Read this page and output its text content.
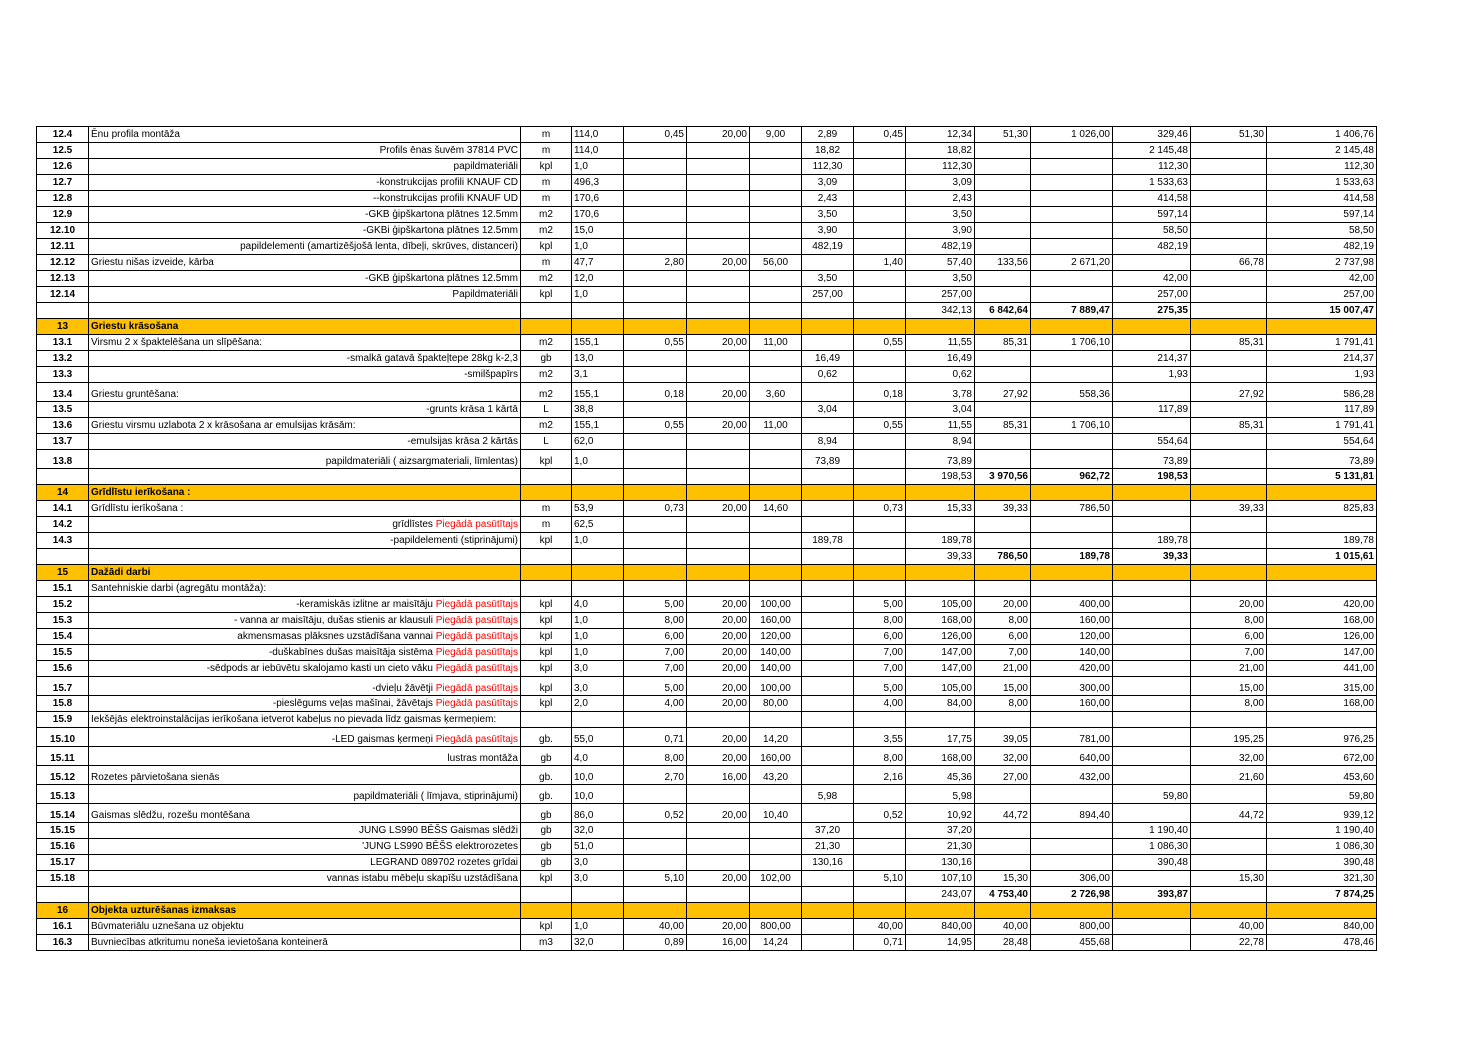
12.4	Ēnu profila montāža	m	114,0	0,45	20,00	9,00	2,89	0,45	12,34	51,30	1 026,00	329,46	51,30	1 406,76
12.5	Profils ēnas šuvēm 37814 PVC	m	114,0				18,82		18,82			2 145,48		2 145,48
12.6	papildmateriāli	kpl	1,0				112,30		112,30			112,30		112,30
12.7	-konstrukcijas profili KNAUF CD	m	496,3				3,09		3,09			1 533,63		1 533,63
12.8	--konstrukcijas profili KNAUF UD	m	170,6				2,43		2,43			414,58		414,58
12.9	-GKB ģipškartona plātnes 12.5mm	m2	170,6				3,50		3,50			597,14		597,14
12.10	-GKBi ģipškartona plātnes 12.5mm	m2	15,0				3,90		3,90			58,50		58,50
12.11	papildelementi (amartizēšjošā lenta, dībeļi, skrūves, distanceri)	kpl	1,0				482,19		482,19			482,19		482,19
12.12	Griestu nišas izveide, kārba	m	47,7	2,80	20,00	56,00		1,40	57,40	133,56	2 671,20		66,78	2 737,98
12.13	-GKB ģipškartona plātnes 12.5mm	m2	12,0				3,50		3,50			42,00		42,00
12.14	Papildmateriāli	kpl	1,0				257,00		257,00			257,00		257,00
									342,13	6 842,64	7 889,47	275,35		15 007,47
13	Griestu krāsošana													
13.1	Virsmu 2 x špaktelēšana un slīpēšana:	m2	155,1	0,55	20,00	11,00		0,55	11,55	85,31	1 706,10		85,31	1 791,41
13.2	-smalkā gatavā špakteļtepe 28kg k-2,3	gb	13,0				16,49		16,49			214,37		214,37
13.3	-smilšpapīrs	m2	3,1				0,62		0,62			1,93		1,93
13.4	Griestu gruntēšana:	m2	155,1	0,18	20,00	3,60		0,18	3,78	27,92	558,36		27,92	586,28
13.5	-grunts krāsa 1 kārtā	L	38,8				3,04		3,04			117,89		117,89
13.6	Griestu virsmu uzlabota 2 x krāsošana ar emulsijas krāsām:	m2	155,1	0,55	20,00	11,00		0,55	11,55	85,31	1 706,10		85,31	1 791,41
13.7	-emulsijas krāsa 2 kārtās	L	62,0				8,94		8,94			554,64		554,64
13.8	papildmateriāli ( aizsargmateriali, līmlentas)	kpl	1,0				73,89		73,89			73,89		73,89
									198,53	3 970,56	962,72	198,53		5 131,81
14	Grīdlīstu ierīkošana :													
14.1	Grīdlīstu ierīkošana :	m	53,9	0,73	20,00	14,60		0,73	15,33	39,33	786,50		39,33	825,83
14.2	grīdlīstes Piegādā pasūtītajs	m	62,5											
14.3	-papildelementi (stiprinājumi)	kpl	1,0				189,78		189,78			189,78		189,78
									39,33	786,50	189,78	39,33		1 015,61
15	Dažādi darbi													
15.1	Santehniskie darbi (agregātu montāža):													
15.2	-keramiskās izlitne ar maisītāju Piegādā pasūtītajs	kpl	4,0	5,00	20,00	100,00		5,00	105,00	20,00	400,00		20,00	420,00
15.3	- vanna ar maisītāju, dušas stienis ar klausuli Piegādā pasūtītajs	kpl	1,0	8,00	20,00	160,00		8,00	168,00	8,00	160,00		8,00	168,00
15.4	akmensmasas plāksnes uzstādīšana vannai Piegādā pasūtītajs	kpl	1,0	6,00	20,00	120,00		6,00	126,00	6,00	120,00		6,00	126,00
15.5	-duškabīnes dušas maisītāja sistēma Piegādā pasūtītajs	kpl	1,0	7,00	20,00	140,00		7,00	147,00	7,00	140,00		7,00	147,00
15.6	-sēdpods ar iebūvētu skalojamo kasti un cieto vāku Piegādā pasūtītajs	kpl	3,0	7,00	20,00	140,00		7,00	147,00	21,00	420,00		21,00	441,00
15.7	-dvieļu žāvētji Piegādā pasūtītajs	kpl	3,0	5,00	20,00	100,00		5,00	105,00	15,00	300,00		15,00	315,00
15.8	-pieslēgums veļas mašīnai, žāvētajs Piegādā pasūtītajs	kpl	2,0	4,00	20,00	80,00		4,00	84,00	8,00	160,00		8,00	168,00
15.9	Iekšējās elektroinstalācijas ierīkošana ietverot kabeļus no pievada līdz gaismas ķermeņiem:													
15.10	-LED gaismas ķermeņi Piegādā pasūtītajs	gb.	55,0	0,71	20,00	14,20		3,55	17,75	39,05	781,00		195,25	976,25
15.11	lustras montāža	gb	4,0	8,00	20,00	160,00		8,00	168,00	32,00	640,00		32,00	672,00
15.12	Rozetes pārvietošana sienās	gb.	10,0	2,70	16,00	43,20		2,16	45,36	27,00	432,00		21,60	453,60
15.13	papildmateriāli ( līmjava, stiprinājumi)	gb.	10,0				5,98		5,98			59,80		59,80
15.14	Gaismas slēdžu, rozešu montēšana	gb	86,0	0,52	20,00	10,40		0,52	10,92	44,72	894,40		44,72	939,12
15.15	JUNG LS990 BĒŠS Gaismas slēdži	gb	32,0				37,20		37,20			1 190,40		1 190,40
15.16	'JUNG LS990 BĒŠS elektrorozetes	gb	51,0				21,30		21,30			1 086,30		1 086,30
15.17	LEGRAND 089702 rozetes grīdai	gb	3,0				130,16		130,16			390,48		390,48
15.18	vannas istabu mēbeļu skapīšu uzstādīšana	kpl	3,0	5,10	20,00	102,00		5,10	107,10	15,30	306,00		15,30	321,30
									243,07	4 753,40	2 726,98	393,87		7 874,25
16	Objekta uzturēšanas izmaksas													
16.1	Būvmateriālu uznešana uz objektu	kpl	1,0	40,00	20,00	800,00		40,00	840,00	40,00	800,00		40,00	840,00
16.3	Buvniecības atkritumu noneša ievietošana konteinerā	m3	32,0	0,89	16,00	14,24		0,71	14,95	28,48	455,68		22,78	478,46
